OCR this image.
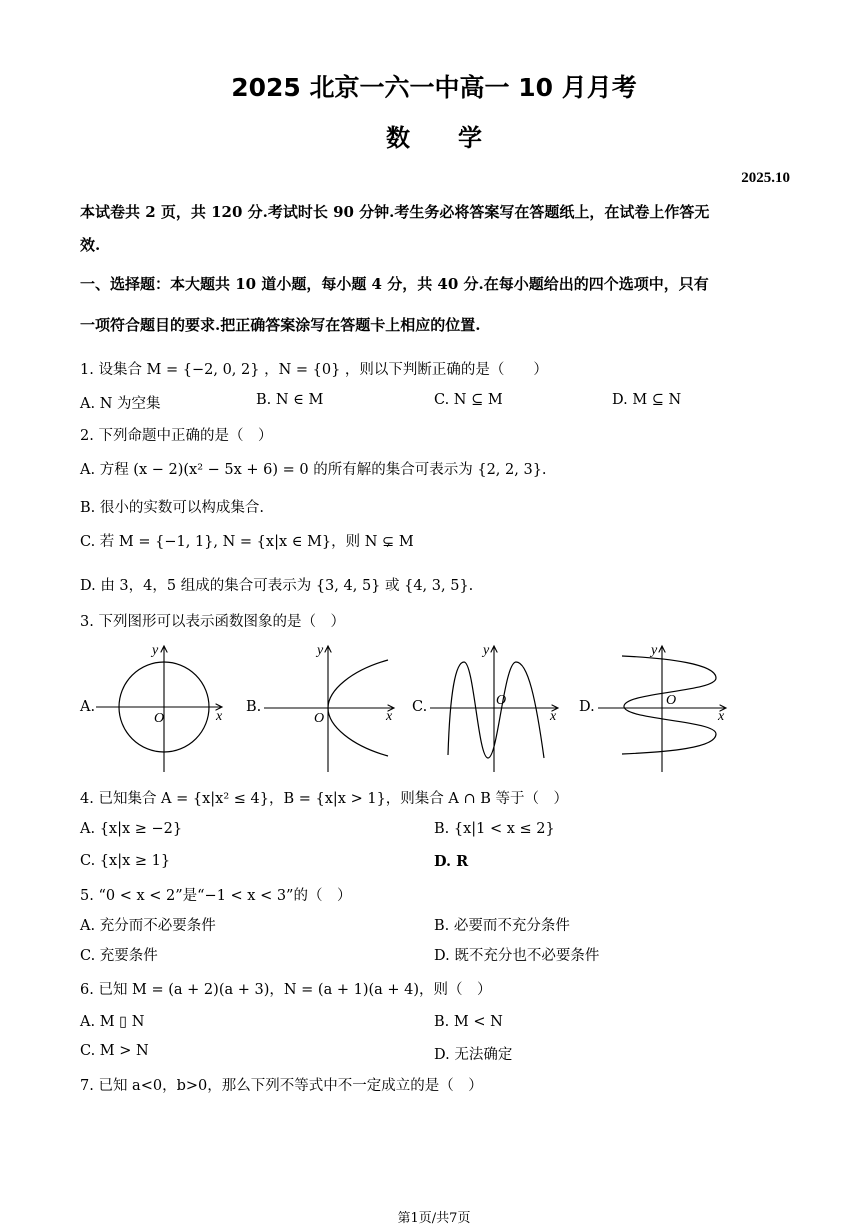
2025 北京一六一中高一 10 月月考
数　　学
2025.10
本试卷共 2 页，共 120 分.考试时长 90 分钟.考生务必将答案写在答题纸上，在试卷上作答无
效.
一、选择题：本大题共 10 道小题，每小题 4 分，共 40 分.在每小题给出的四个选项中，只有
一项符合题目的要求.把正确答案涂写在答题卡上相应的位置.
1. 设集合 M = {−2, 0, 2} ，N = {0} ，则以下判断正确的是（　　）
A. N 为空集	B. N ∈ M	C. N ⊆ M	D. M ⊆ N
2. 下列命题中正确的是（　）
A. 方程 (x − 2)(x² − 5x + 6) = 0 的所有解的集合可表示为 {2, 2, 3}.
B. 很小的实数可以构成集合.
C. 若 M = {−1, 1}, N = {x|x ∈ M}，则 N ⊊ M
D. 由 3，4，5 组成的集合可表示为 {3, 4, 5} 或 {4, 3, 5}.
3. 下列图形可以表示函数图象的是（　）
A.
O	x
y
B.
O	x
y
C.	O
x
y
D.	O
x
y
4. 已知集合 A = {x|x² ≤ 4}，B = {x|x > 1}，则集合 A ∩ B 等于（　）
A. {x|x ≥ −2}	B. {x|1 < x ≤ 2}
C. {x|x ≥ 1}	D. R
5. “0 < x < 2”是“−1 < x < 3”的（　）
A. 充分而不必要条件	B. 必要而不充分条件
C. 充要条件	D. 既不充分也不必要条件
6. 已知 M = (a + 2)(a + 3)，N = (a + 1)(a + 4)，则（　）
A. M ▯ N	B. M < N
C. M > N	D. 无法确定
7. 已知 a<0，b>0，那么下列不等式中不一定成立的是（　）
第1页/共7页
